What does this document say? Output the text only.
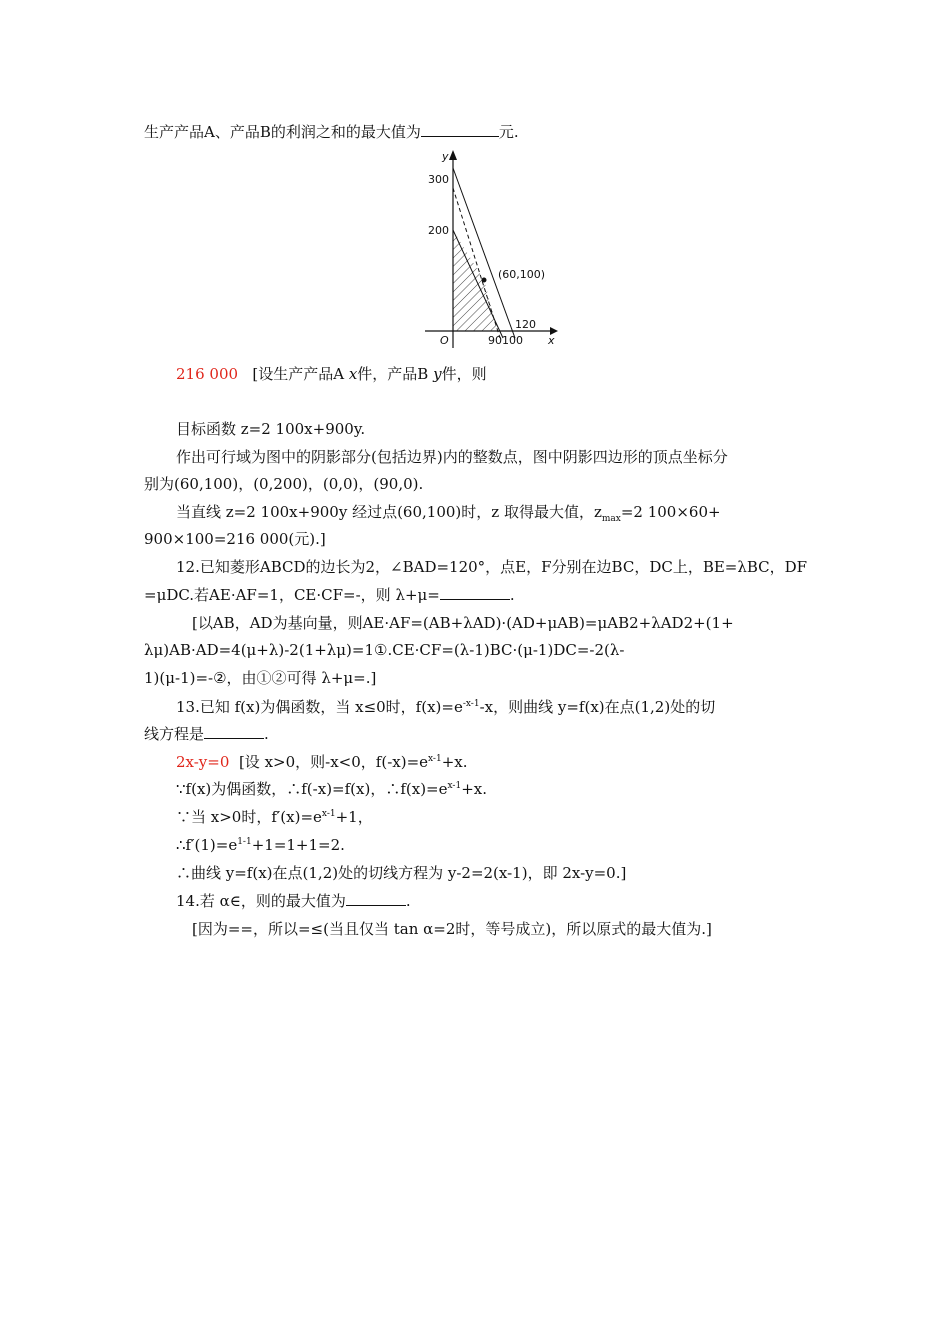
生产产品A、产品B的利润之和的最大值为	元.
y
300
200
(60,100)
120
O	90 100 x
216 000 [设生产产品A x件，产品B y件，则
目标函数 z=2 100x+900y.
作出可行域为图中的阴影部分(包括边界)内的整数点，图中阴影四边形的顶点坐标分
别为(60,100)，(0,200)，(0,0)，(90,0).
当直线 z=2 100x+900y 经过点(60,100)时，z 取得最大值，$z_{max}=2$ 100×60+
900×100=216 000(元).]
12.已知菱形ABCD的边长为2，∠BAD=120°，点E，F分别在边BC，DC上，BE=λBC，DF
=μDC.若AE·AF=1，CE·CF=-，则 λ+μ=	.
[以AB，AD为基向量，则AE·AF=(AB+λAD)·(AD+μAB)=μAB2+λAD2+(1+
λμ)AB·AD=4(μ+λ)-2(1+λμ)=1①.CE·CF=(λ-1)BC·(μ-1)DC=-2(λ-
1)(μ-1)=-②，由①②可得 λ+μ=.]
13.已知 f(x)为偶函数，当 x≤0时，$f(x)=e^{-x-1}-x$，则曲线 y=f(x)在点(1,2)处的切
线方程是	.
2x-y=0 [设 x>0，则-x<0，$f(-x)=e^{x-1}+x$.
∵f(x)为偶函数，∴f(-x)=f(x)，$\therefore f(x)=e^{x-1}+x$.
∵当 x>0时，$f'(x)=e^{x-1}+1$，
$\therefore f'(1)=e^{1-1}+1=1+1=2$.
∴曲线 y=f(x)在点(1,2)处的切线方程为 y-2=2(x-1)，即 2x-y=0.]
14.若 α∈，则的最大值为	.
[因为==，所以=≤(当且仅当 tan α=2时，等号成立)，所以原式的最大值为.]
